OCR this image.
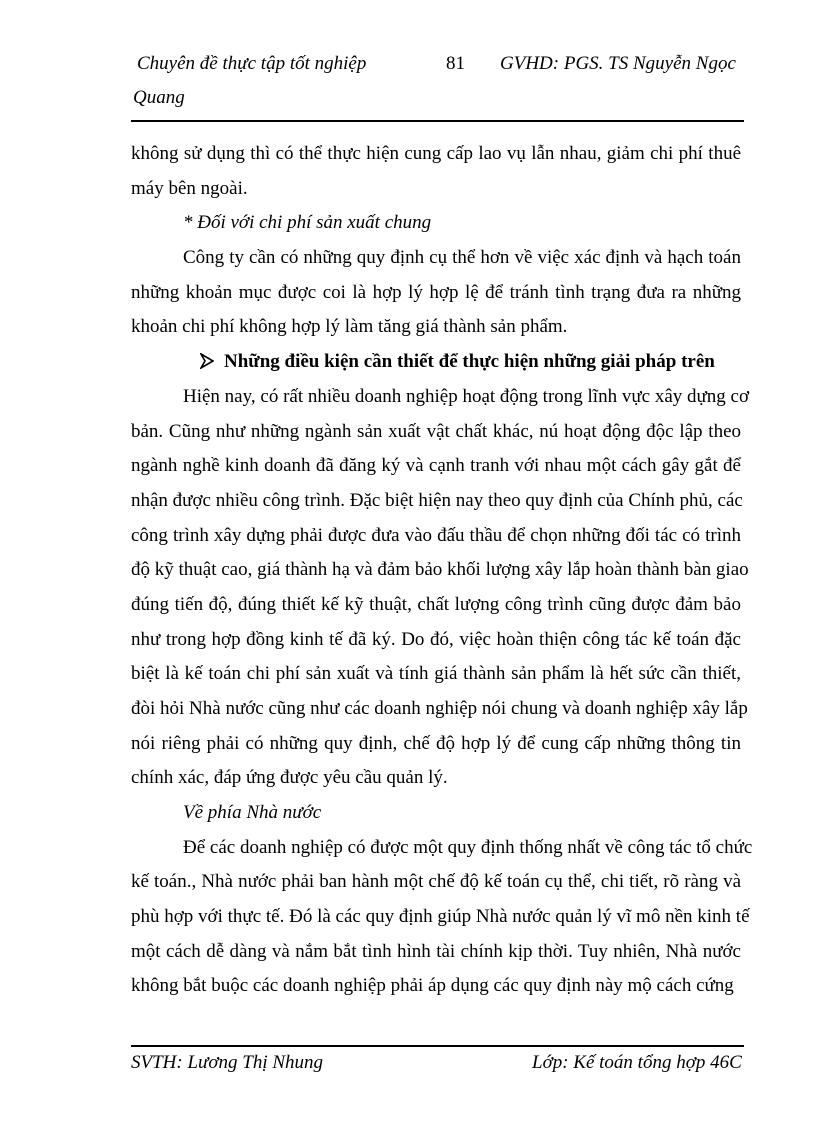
Chuyên đề thực tập tốt nghiệp	81 GVHD: PGS. TS Nguyễn Ngọc
Quang
không sử dụng thì có thể thực hiện cung cấp lao vụ lẫn nhau, giảm chi phí thuê
máy bên ngoài.
* Đối với chi phí sản xuất chung
Công ty cần có những quy định cụ thể hơn về việc xác định và hạch toán
những khoản mục được coi là hợp lý hợp lệ để tránh tình trạng đưa ra những
khoản chi phí không hợp lý làm tăng giá thành sản phẩm.
Những điều kiện cần thiết để thực hiện những giải pháp trên
Hiện nay, có rất nhiều doanh nghiệp hoạt động trong lĩnh vực xây dựng cơ
bản. Cũng như những ngành sản xuất vật chất khác, nú hoạt động độc lập theo
ngành nghề kinh doanh đã đăng ký và cạnh tranh với nhau một cách gây gắt để
nhận được nhiều công trình. Đặc biệt hiện nay theo quy định của Chính phủ, các
công trình xây dựng phải được đưa vào đấu thầu để chọn những đối tác có trình
độ kỹ thuật cao, giá thành hạ và đảm bảo khối lượng xây lắp hoàn thành bàn giao
đúng tiến độ, đúng thiết kế kỹ thuật, chất lượng công trình cũng được đảm bảo
như trong hợp đồng kinh tế đã ký. Do đó, việc hoàn thiện công tác kế toán đặc
biệt là kế toán chi phí sản xuất và tính giá thành sản phẩm là hết sức cần thiết,
đòi hỏi Nhà nước cũng như các doanh nghiệp nói chung và doanh nghiệp xây lắp
nói riêng phải có những quy định, chế độ hợp lý để cung cấp những thông tin
chính xác, đáp ứng được yêu cầu quản lý.
Về phía Nhà nước
Để các doanh nghiệp có được một quy định thống nhất về công tác tổ chức
kế toán., Nhà nước phải ban hành một chế độ kế toán cụ thể, chi tiết, rõ ràng và
phù hợp với thực tế. Đó là các quy định giúp Nhà nước quản lý vĩ mô nền kinh tế
một cách dễ dàng và nắm bắt tình hình tài chính kịp thời. Tuy nhiên, Nhà nước
không bắt buộc các doanh nghiệp phải áp dụng các quy định này mộ cách cứng
SVTH: Lương Thị Nhung	Lớp: Kế toán tổng hợp 46C
